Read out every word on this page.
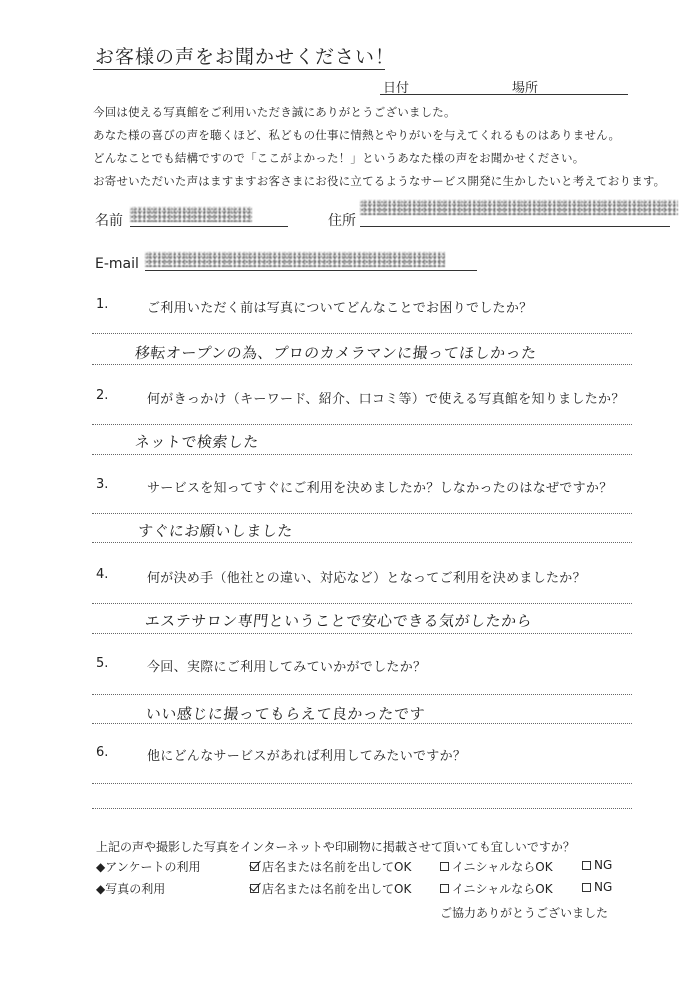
お客様の声をお聞かせください！
日付	場所
今回は使える写真館をご利用いただき誠にありがとうございました。
あなた様の喜びの声を聴くほど、私どもの仕事に情熱とやりがいを与えてくれるものはありません。
どんなことでも結構ですので「ここがよかった！」というあなた様の声をお聞かせください。
お寄せいただいた声はますますお客さまにお役に立てるようなサービス開発に生かしたいと考えております。
名前	住所
E-mail
1.	ご利用いただく前は写真についてどんなことでお困りでしたか？
移転オープンの為、プロのカメラマンに撮ってほしかった
2.	何がきっかけ（キーワード、紹介、口コミ等）で使える写真館を知りましたか？
ネットで検索した
3.	サービスを知ってすぐにご利用を決めましたか？しなかったのはなぜですか？
すぐにお願いしました
4.	何が決め手（他社との違い、対応など）となってご利用を決めましたか？
エステサロン専門ということで安心できる気がしたから
5.	今回、実際にご利用してみていかがでしたか？
いい感じに撮ってもらえて良かったです
6.	他にどんなサービスがあれば利用してみたいですか？
上記の声や撮影した写真をインターネットや印刷物に掲載させて頂いても宜しいですか？
◆アンケートの利用	店名または名前を出してOK	イニシャルならOK	NG
◆写真の利用	店名または名前を出してOK	イニシャルならOK	NG
ご協力ありがとうございました
